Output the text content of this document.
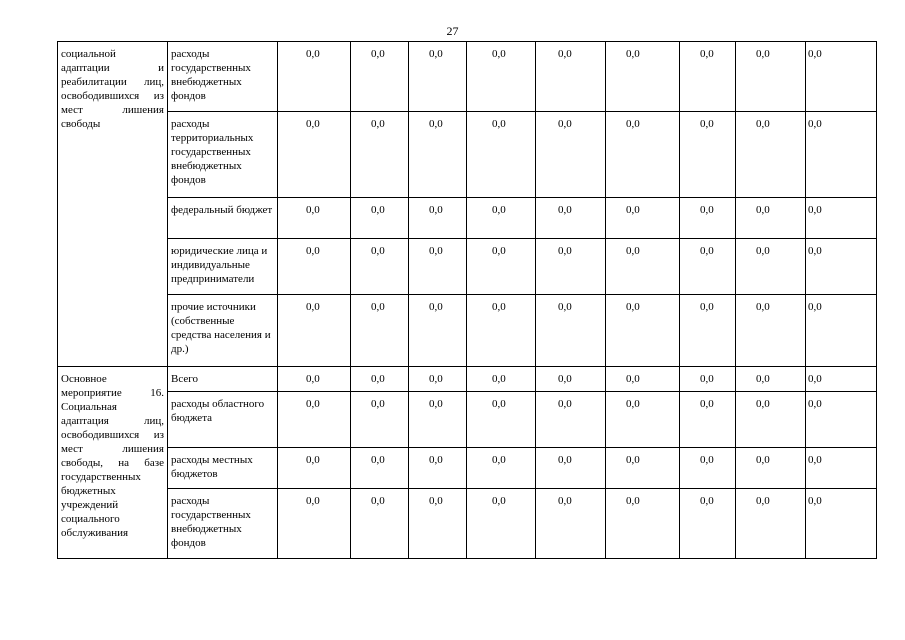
27
социальной адаптации и реабилитации лиц, освободившихся из мест лишения свободы	расходы государственных внебюджетных фондов	0,0	0,0	0,0	0,0	0,0	0,0	0,0	0,0	0,0
	расходы территориальных государственных внебюджетных фондов	0,0	0,0	0,0	0,0	0,0	0,0	0,0	0,0	0,0
	федеральный бюджет	0,0	0,0	0,0	0,0	0,0	0,0	0,0	0,0	0,0
	юридические лица и индивидуальные предприниматели	0,0	0,0	0,0	0,0	0,0	0,0	0,0	0,0	0,0
	прочие источники (собственные средства населения и др.)	0,0	0,0	0,0	0,0	0,0	0,0	0,0	0,0	0,0
Основное мероприятие 16. Социальная адаптация лиц, освободившихся из мест лишения свободы, на базе государственных бюджетных учреждений социального обслуживания	Всего	0,0	0,0	0,0	0,0	0,0	0,0	0,0	0,0	0,0
	расходы областного бюджета	0,0	0,0	0,0	0,0	0,0	0,0	0,0	0,0	0,0
	расходы местных бюджетов	0,0	0,0	0,0	0,0	0,0	0,0	0,0	0,0	0,0
	расходы государственных внебюджетных фондов	0,0	0,0	0,0	0,0	0,0	0,0	0,0	0,0	0,0
